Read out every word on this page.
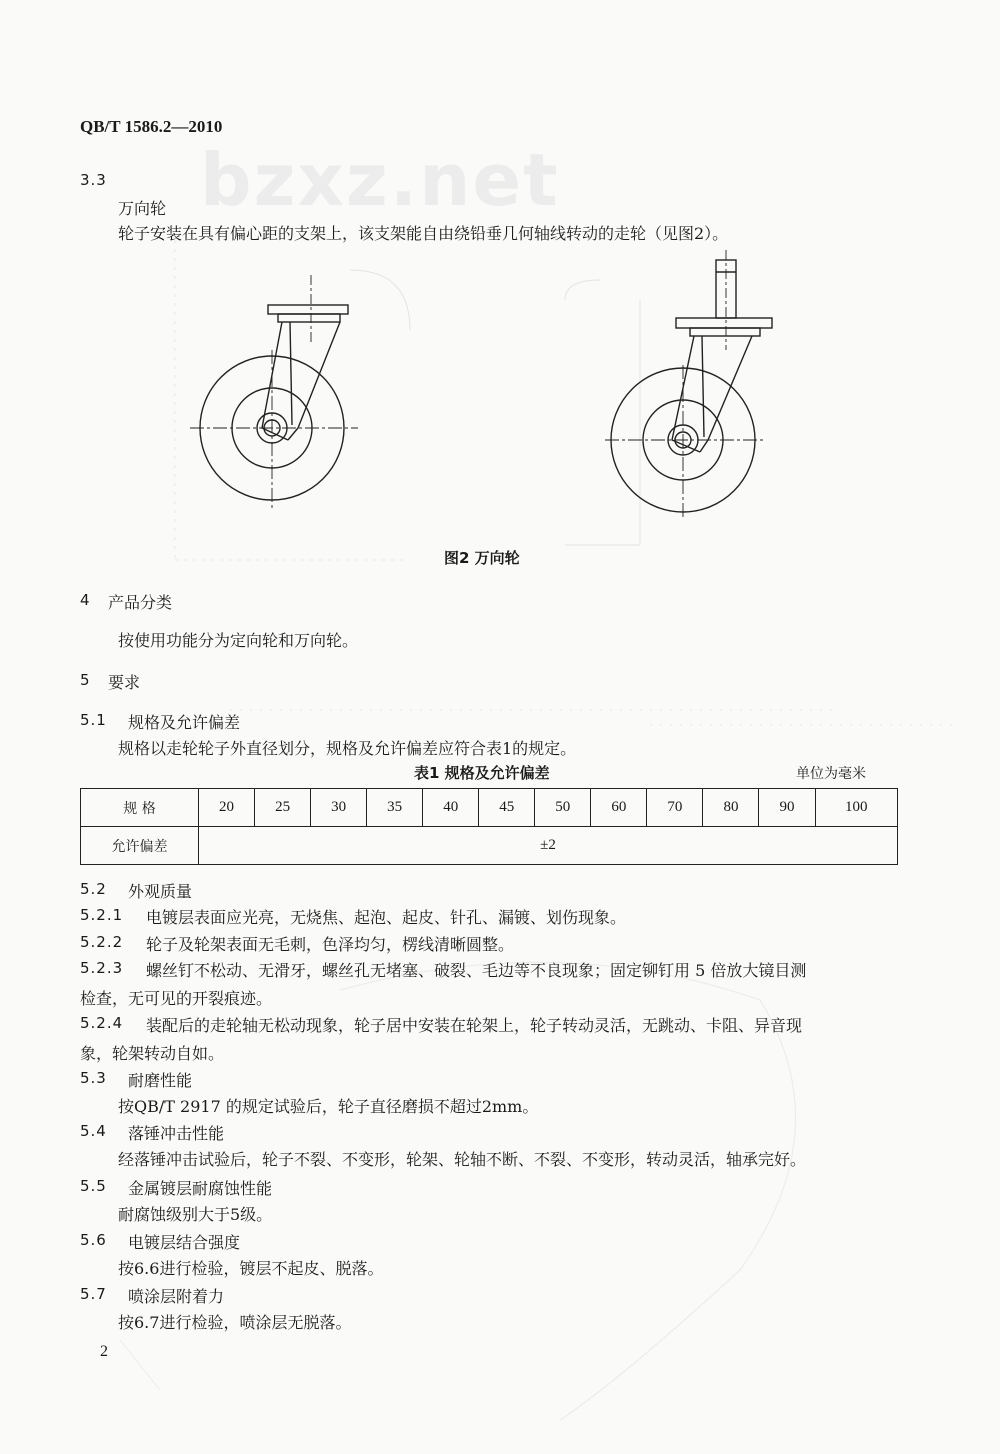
bzxz.net
QB/T 1586.2—2010
3.3
万向轮
轮子安装在具有偏心距的支架上，该支架能自由绕铅垂几何轴线转动的走轮（见图2）。
图2 万向轮
4 产品分类
按使用功能分为定向轮和万向轮。
5 要求
5.1 规格及允许偏差
规格以走轮轮子外直径划分，规格及允许偏差应符合表1的规定。
表1 规格及允许偏差	单位为毫米
规 格	20	25	30	35	40	45	50	60	70	80	90	100
允许偏差	±2											
5.2 外观质量
5.2.1 电镀层表面应光亮，无烧焦、起泡、起皮、针孔、漏镀、划伤现象。
5.2.2 轮子及轮架表面无毛刺，色泽均匀，楞线清晰圆整。
5.2.3 螺丝钉不松动、无滑牙，螺丝孔无堵塞、破裂、毛边等不良现象；固定铆钉用 5 倍放大镜目测
检查，无可见的开裂痕迹。
5.2.4 装配后的走轮轴无松动现象，轮子居中安装在轮架上，轮子转动灵活，无跳动、卡阻、异音现
象，轮架转动自如。
5.3 耐磨性能
按QB/T 2917 的规定试验后，轮子直径磨损不超过2mm。
5.4 落锤冲击性能
经落锤冲击试验后，轮子不裂、不变形，轮架、轮轴不断、不裂、不变形，转动灵活，轴承完好。
5.5 金属镀层耐腐蚀性能
耐腐蚀级别大于5级。
5.6 电镀层结合强度
按6.6进行检验，镀层不起皮、脱落。
5.7 喷涂层附着力
按6.7进行检验，喷涂层无脱落。
2
